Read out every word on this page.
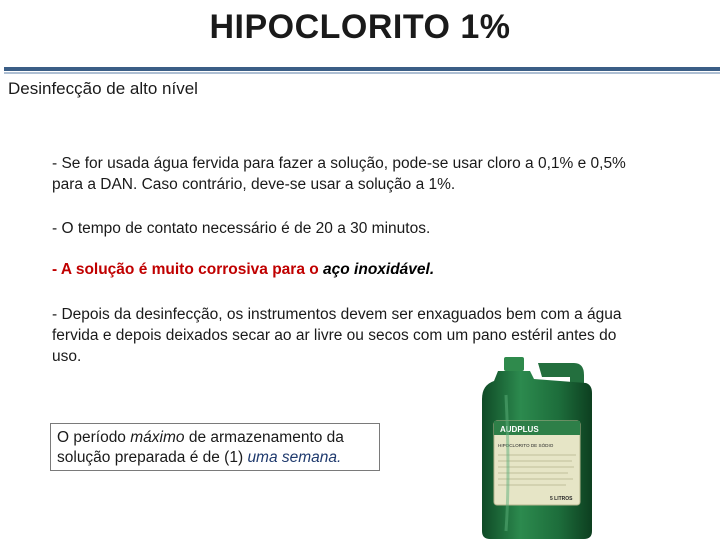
HIPOCLORITO 1%
Desinfecção de alto nível
- Se for usada água fervida para fazer a solução, pode-se usar cloro a 0,1% e 0,5% para a DAN. Caso contrário, deve-se usar a solução a 1%.
- O tempo de contato necessário é de 20 a 30 minutos.
- A solução é muito corrosiva para o aço inoxidável.
- Depois da desinfecção, os instrumentos devem ser enxaguados bem com a água fervida e depois deixados secar ao ar livre ou secos com um pano estéril antes do uso.
O período máximo de armazenamento da solução preparada é de (1) uma semana.
AUDPLUS
HIPOCLORITO DE SÓDIO
5 LITROS
